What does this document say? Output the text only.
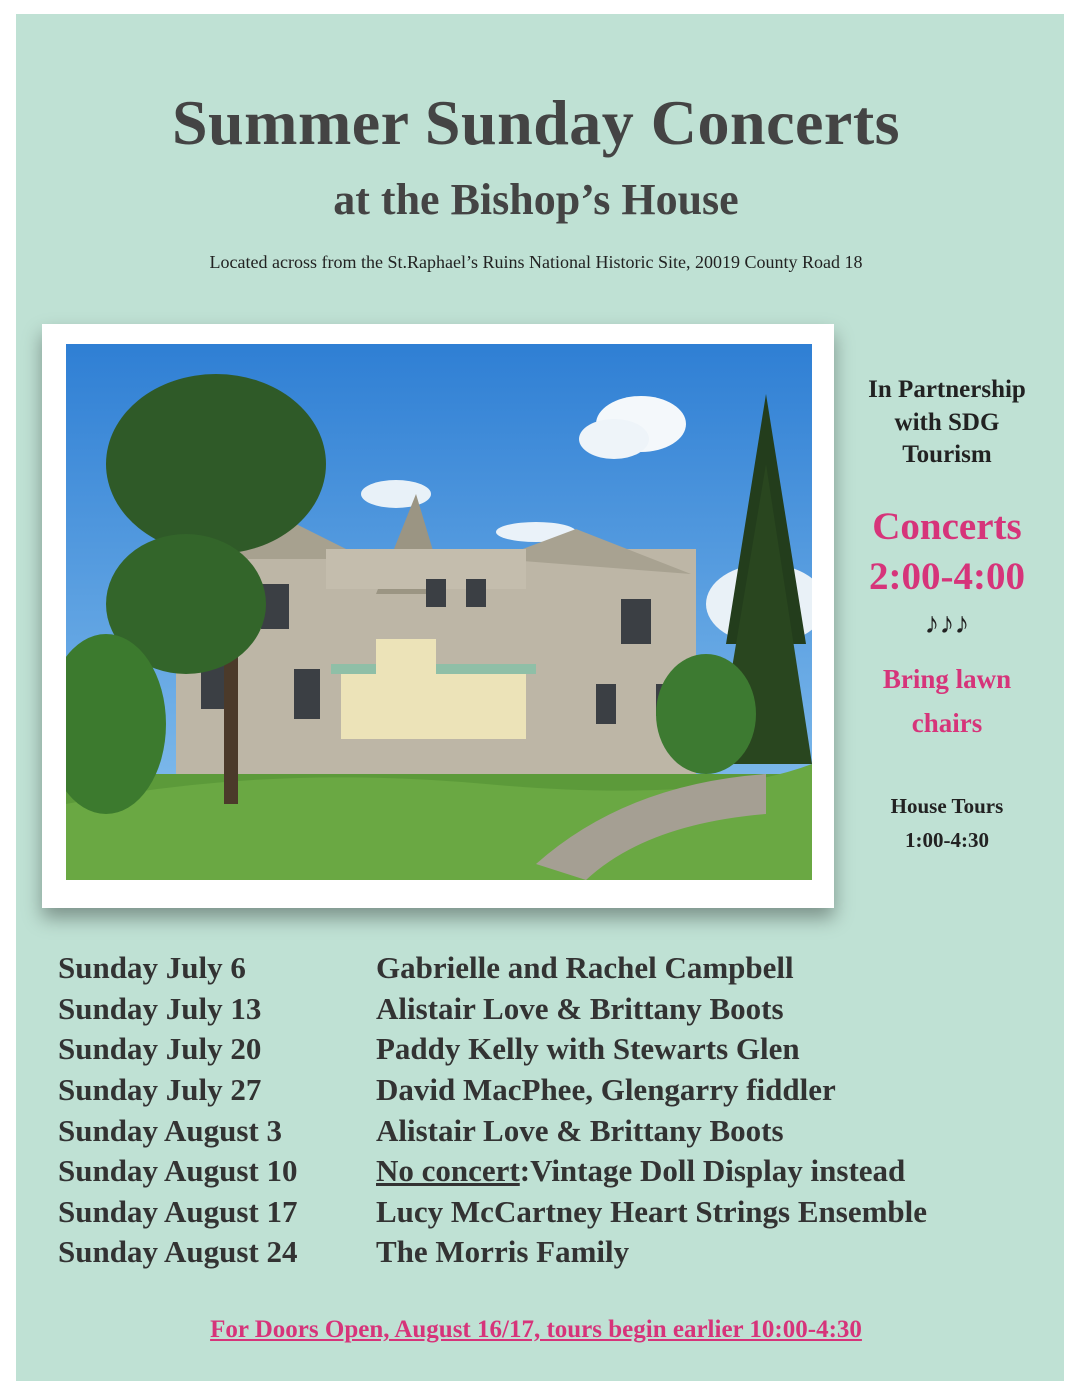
Summer Sunday Concerts
at the Bishop’s House
Located across from the St.Raphael’s Ruins National Historic Site, 20019 County Road 18
In Partnership
with SDG
Tourism
Concerts
2:00-4:00
♪♪♪
Bring lawn
chairs
House Tours
1:00-4:30
Sunday July 6	Gabrielle and Rachel Campbell
Sunday July 13	Alistair Love & Brittany Boots
Sunday July 20	Paddy Kelly with Stewarts Glen
Sunday July 27	David MacPhee, Glengarry fiddler
Sunday August 3	Alistair Love & Brittany Boots
Sunday August 10	No concert:Vintage Doll Display instead
Sunday August 17	Lucy McCartney Heart Strings Ensemble
Sunday August 24	The Morris Family
For Doors Open, August 16/17, tours begin earlier 10:00-4:30
